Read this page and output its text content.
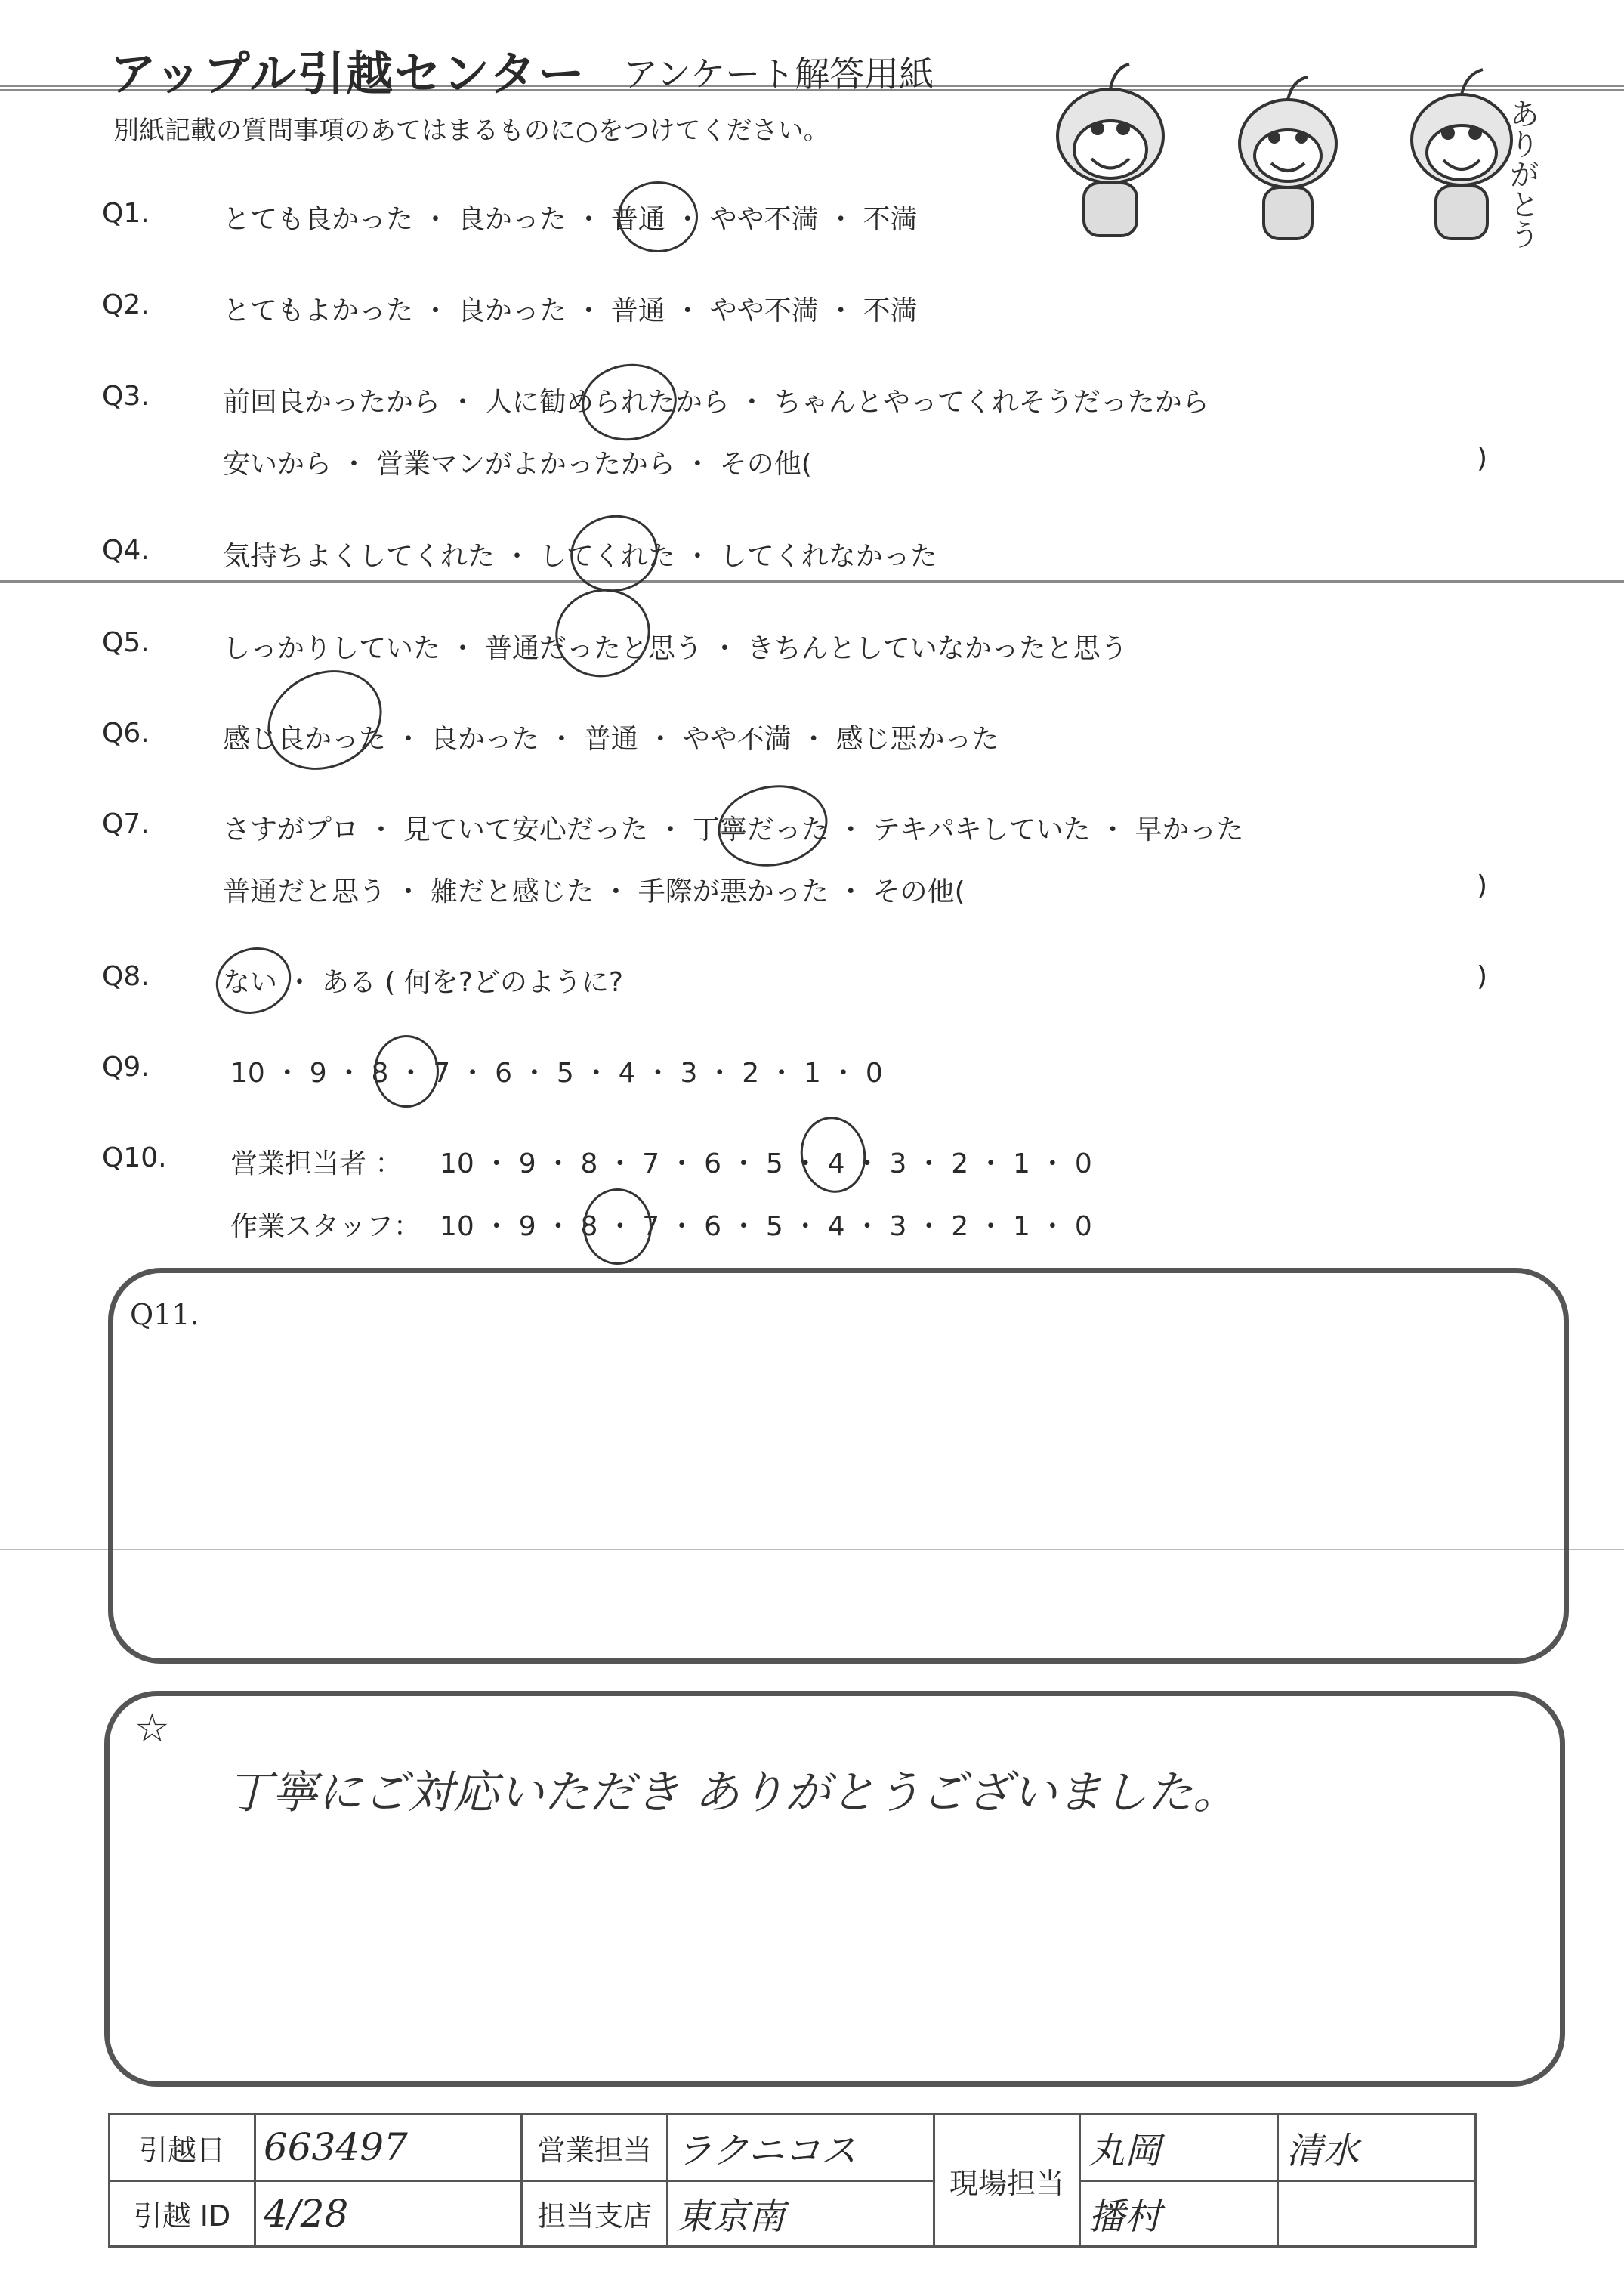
アップル引越センター アンケート解答用紙
別紙記載の質問事項のあてはまるものに○をつけてください。	ありがとう
Q1.	とても良かった ・ 良かった ・ 普通 ・ やや不満 ・ 不満
Q2.	とてもよかった ・ 良かった ・ 普通 ・ やや不満 ・ 不満
Q3.	前回良かったから ・ 人に勧められたから ・ ちゃんとやってくれそうだったから
安いから ・ 営業マンがよかったから ・ その他(	)
Q4.	気持ちよくしてくれた ・ してくれた ・ してくれなかった
Q5.	しっかりしていた ・ 普通だったと思う ・ きちんとしていなかったと思う
Q6.	感じ良かった ・ 良かった ・ 普通 ・ やや不満 ・ 感じ悪かった
Q7.	さすがプロ ・ 見ていて安心だった ・ 丁寧だった ・ テキパキしていた ・ 早かった
普通だと思う ・ 雑だと感じた ・ 手際が悪かった ・ その他(	)
Q8.	ない ・ ある ( 何を?どのように?	)
Q9.	10 ・ 9 ・ 8 ・ 7 ・ 6 ・ 5 ・ 4 ・ 3 ・ 2 ・ 1 ・ 0
Q10. 営業担当者 ： 10 ・ 9 ・ 8 ・ 7 ・ 6 ・ 5 ・ 4 ・ 3 ・ 2 ・ 1 ・ 0
作業スタッフ： 10 ・ 9 ・ 8 ・ 7 ・ 6 ・ 5 ・ 4 ・ 3 ・ 2 ・ 1 ・ 0
Q11.
☆
丁寧にご対応いただき ありがとうございました。
引越日	663497	営業担当	ラクニコス	現場担当	丸岡	清水
引越 ID	4/28	担当支店	東京南		播村	
